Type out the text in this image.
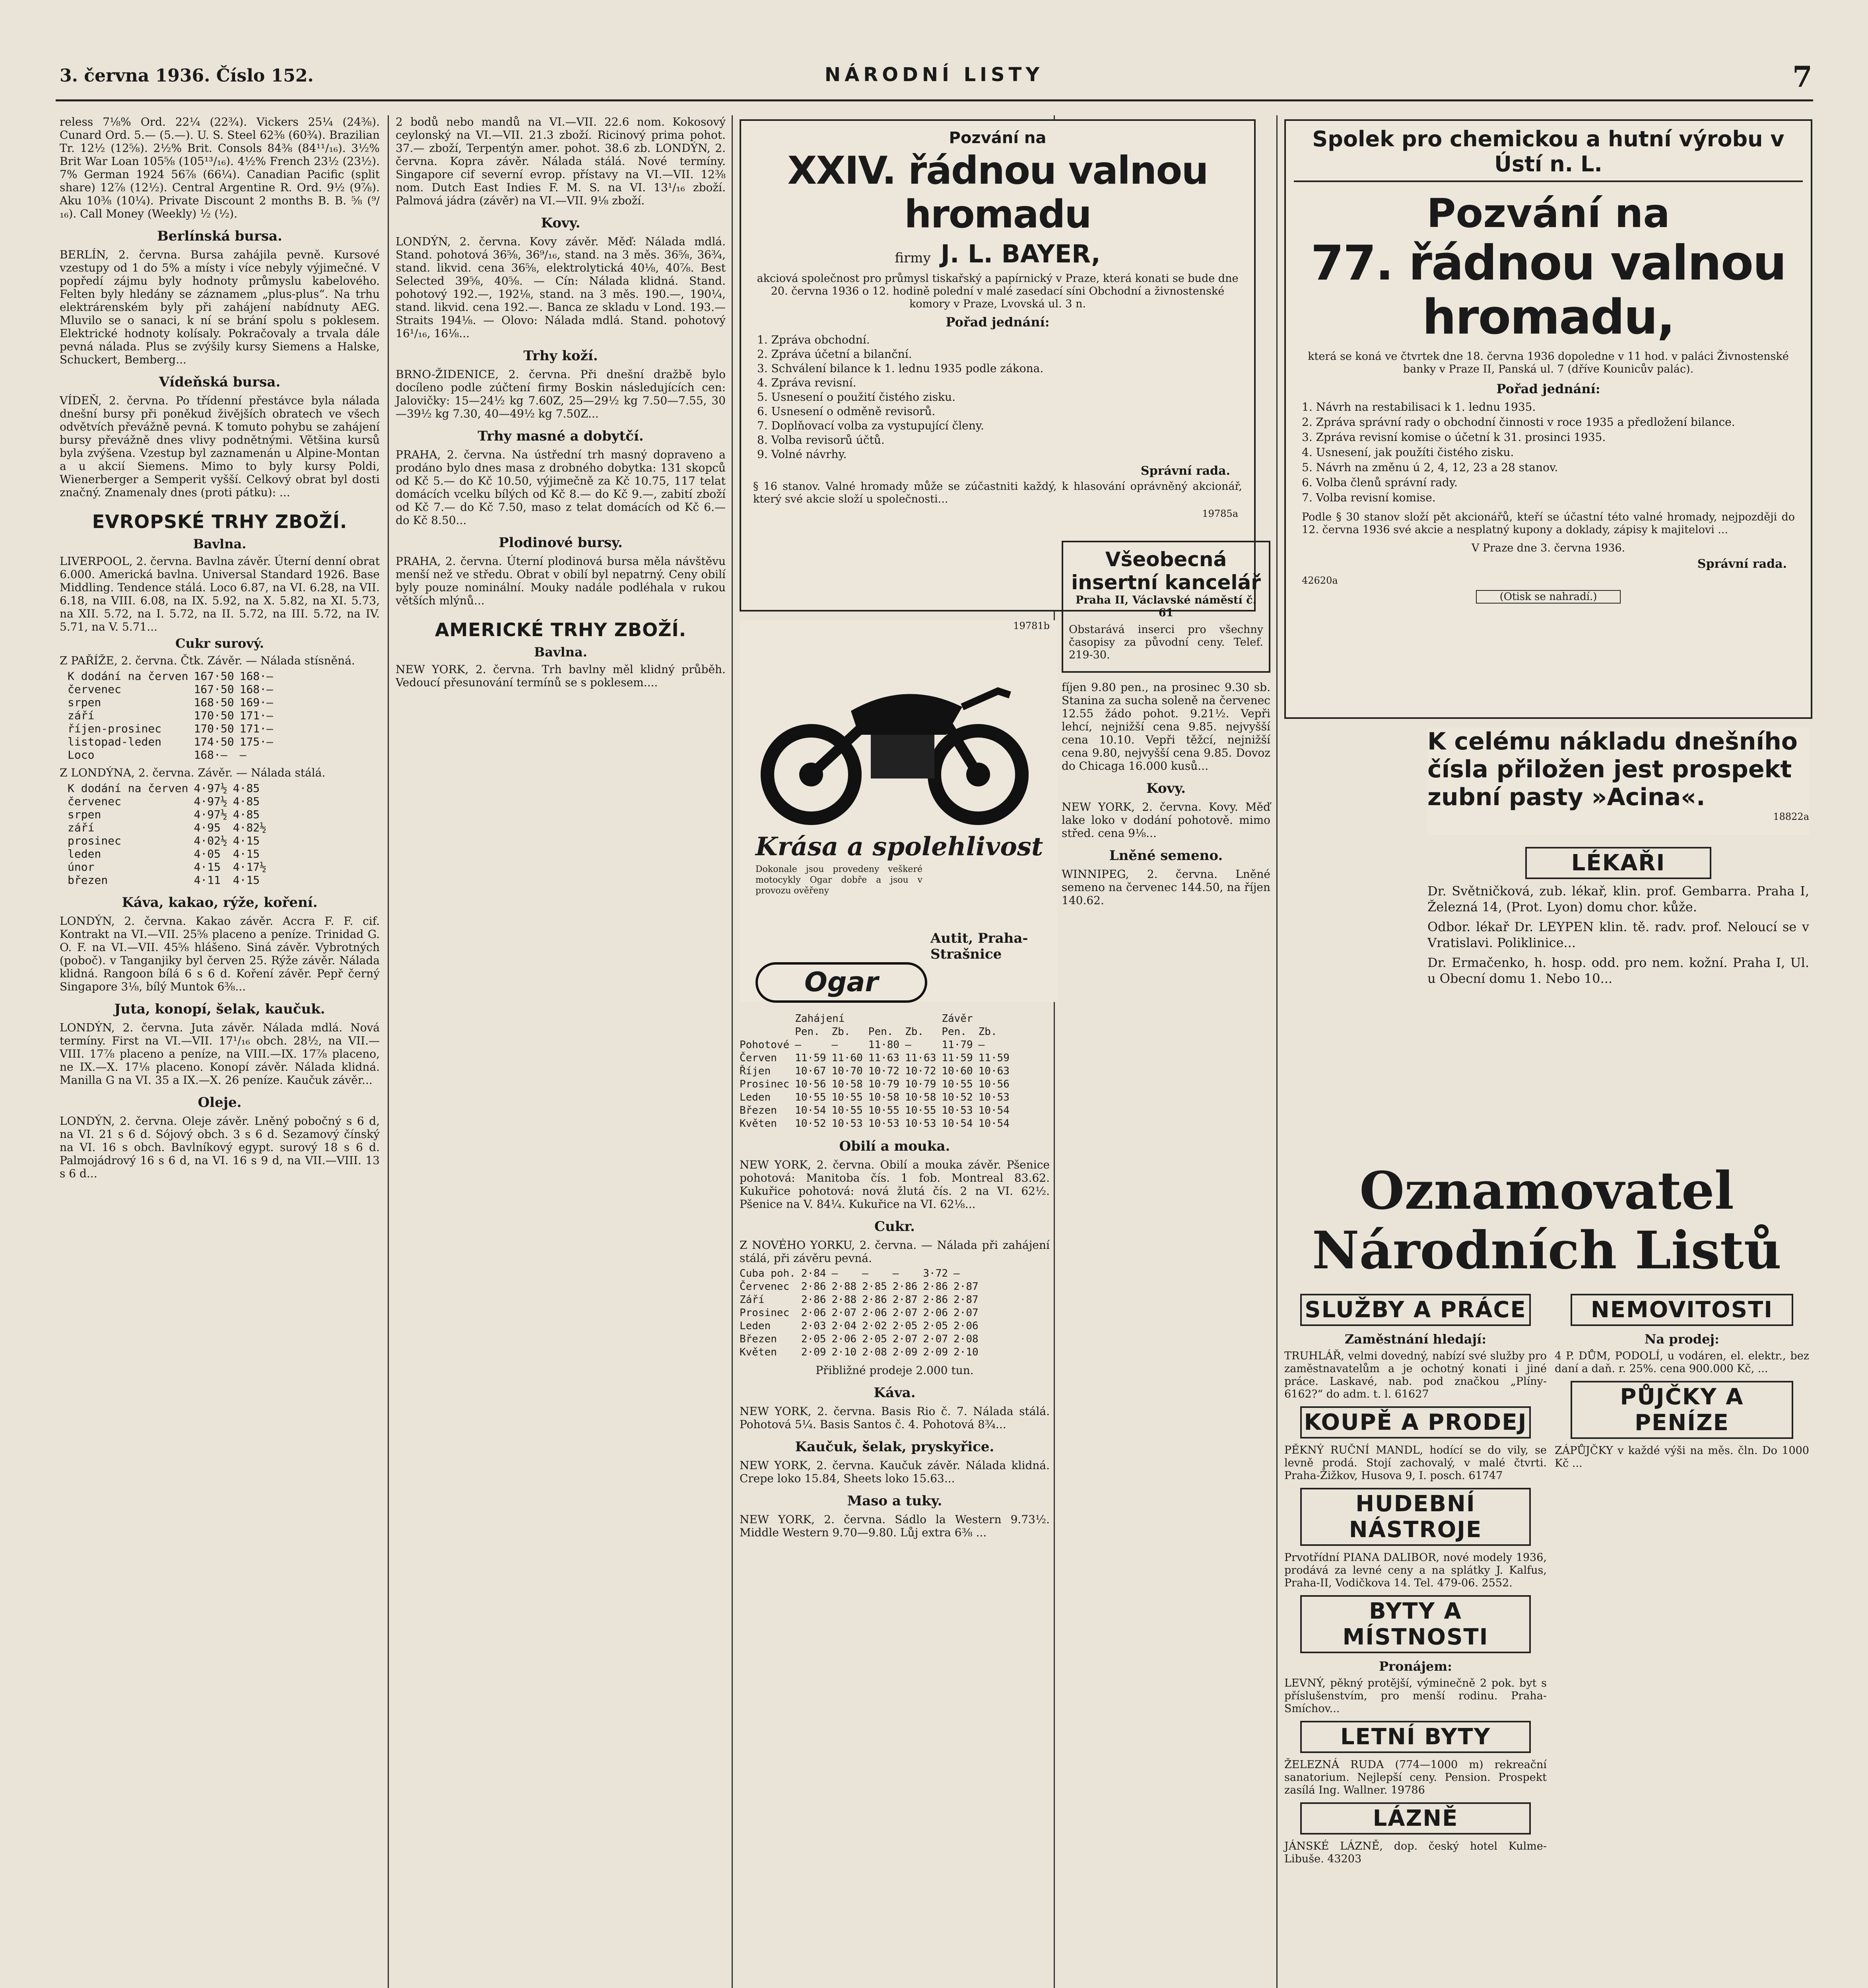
3. června 1936. Číslo 152.	NÁRODNÍ LISTY	7
reless 7⅛% Ord. 22¼ (22¾). Vickers 25¼ (24⅜). Cunard Ord. 5.— (5.—). U. S. Steel 62⅜ (60¾). Brazilian Tr. 12½ (12⅝). 2½% Brit. Consols 84⅜ (84¹¹/₁₆). 3½% Brit War Loan 105⅝ (105¹³/₁₆). 4½% French 23½ (23½). 7% German 1924 56⅞ (66¼). Canadian Pacific (split share) 12⅞ (12½). Central Argentine R. Ord. 9½ (9⅞). Aku 10⅜ (10¼). Private Discount 2 months B. B. ⅝ (⁹/₁₆). Call Money (Weekly) ½ (½).
Berlínská bursa.
BERLÍN, 2. června. Bursa zahájila pevně. Kursové vzestupy od 1 do 5% a místy i více nebyly výjimečné. V popředí zájmu byly hodnoty průmyslu kabelového. Felten byly hledány se záznamem „plus-plus“. Na trhu elektrárenském byly při zahájení nabídnuty AEG. Mluvilo se o sanaci, k ní se brání spolu s poklesem. Elektrické hodnoty kolísaly. Pokračovaly a trvala dále pevná nálada. Plus se zvýšily kursy Siemens a Halske, Schuckert, Bemberg...
Vídeňská bursa.
VÍDEŇ, 2. června. Po třídenní přestávce byla nálada dnešní bursy při poněkud živějších obratech ve všech odvětvích převážně pevná. K tomuto pohybu se zahájení bursy převážně dnes vlivy podnětnými. Většina kursů byla zvýšena. Vzestup byl zaznamenán u Alpine-Montan a u akcií Siemens. Mimo to byly kursy Poldi, Wienerberger a Semperit vyšší. Celkový obrat byl dosti značný. Znamenaly dnes (proti pátku): ...
EVROPSKÉ TRHY ZBOŽÍ.
Bavlna.
LIVERPOOL, 2. června. Bavlna závěr. Úterní denní obrat 6.000. Americká bavlna. Universal Standard 1926. Base Middling. Tendence stálá. Loco 6.87, na VI. 6.28, na VII. 6.18, na VIII. 6.08, na IX. 5.92, na X. 5.82, na XI. 5.73, na XII. 5.72, na I. 5.72, na II. 5.72, na III. 5.72, na IV. 5.71, na V. 5.71...
Cukr surový.
Z PAŘÍŽE, 2. června. Čtk. Závěr. — Nálada stísněná.
K dodání na červen	167·50	168·—
červenec	167·50	168·—
srpen	168·50	169·—
září	170·50	171·—
říjen-prosinec	170·50	171·—
listopad-leden	174·50	175·—
Loco	168·—	—
Z LONDÝNA, 2. června. Závěr. — Nálada stálá.
K dodání na červen	4·97½	4·85
červenec	4·97½	4·85
srpen	4·97½	4·85
září	4·95	4·82½
prosinec	4·02½	4·15
leden	4·05	4·15
únor	4·15	4·17½
březen	4·11	4·15
Káva, kakao, rýže, koření.
LONDÝN, 2. června. Kakao závěr. Accra F. F. cif. Kontrakt na VI.—VII. 25⅝ placeno a peníze. Trinidad G. O. F. na VI.—VII. 45⅝ hlášeno. Siná závěr. Vybrotných (poboč). v Tanganjiky byl červen 25. Rýže závěr. Nálada klidná. Rangoon bílá 6 s 6 d. Koření závěr. Pepř černý Singapore 3⅛, bílý Muntok 6⅜...
Juta, konopí, šelak, kaučuk.
LONDÝN, 2. června. Juta závěr. Nálada mdlá. Nová termíny. First na VI.—VII. 17¹/₁₆ obch. 28½, na VII.—VIII. 17⅞ placeno a peníze, na VIII.—IX. 17⅞ placeno, ne IX.—X. 17⅛ placeno. Konopí závěr. Nálada klidná. Manilla G na VI. 35 a IX.—X. 26 peníze. Kaučuk závěr...
Oleje.
LONDÝN, 2. června. Oleje závěr. Lněný pobočný s 6 d, na VI. 21 s 6 d. Sójový obch. 3 s 6 d. Sezamový čínský na VI. 16 s obch. Bavlníkový egypt. surový 18 s 6 d. Palmojádrový 16 s 6 d, na VI. 16 s 9 d, na VII.—VIII. 13 s 6 d...
2 bodů nebo mandů na VI.—VII. 22.6 nom. Kokosový ceylonský na VI.—VII. 21.3 zboží. Ricinový prima pohot. 37.— zboží, Terpentýn amer. pohot. 38.6 zb. LONDÝN, 2. června. Kopra závěr. Nálada stálá. Nové termíny. Singapore cif severní evrop. přístavy na VI.—VII. 12⅜ nom. Dutch East Indies F. M. S. na VI. 13¹/₁₆ zboží. Palmová jádra (závěr) na VI.—VII. 9⅛ zboží.
Kovy.
LONDÝN, 2. června. Kovy závěr. Měď: Nálada mdlá. Stand. pohotová 36⅝, 36⁹/₁₆, stand. na 3 měs. 36⅝, 36¾, stand. likvid. cena 36⅝, elektrolytická 40⅛, 40⅞. Best Selected 39⅝, 40⅝. — Cín: Nálada klidná. Stand. pohotový 192.—, 192⅛, stand. na 3 měs. 190.—, 190¼, stand. likvid. cena 192.—. Banca ze skladu v Lond. 193.— Straits 194⅛. — Olovo: Nálada mdlá. Stand. pohotový 16¹/₁₆, 16⅛...
Trhy koží.
BRNO-ŽIDENICE, 2. června. Při dnešní dražbě bylo docíleno podle zúčtení firmy Boskin následujících cen: Jalovičky: 15—24½ kg 7.60Z, 25—29½ kg 7.50—7.55, 30—39½ kg 7.30, 40—49½ kg 7.50Z...
Trhy masné a dobytčí.
PRAHA, 2. června. Na ústřední trh masný dopraveno a prodáno bylo dnes masa z drobného dobytka: 131 skopců od Kč 5.— do Kč 10.50, výjimečně za Kč 10.75, 117 telat domácích vcelku bílých od Kč 8.— do Kč 9.—, zabití zboží od Kč 7.— do Kč 7.50, maso z telat domácích od Kč 6.— do Kč 8.50...
Plodinové bursy.
PRAHA, 2. června. Úterní plodinová bursa měla návštěvu menší než ve středu. Obrat v obilí byl nepatrný. Ceny obilí byly pouze nominální. Mouky nadále podléhala v rukou větších mlýnů...
AMERICKÉ TRHY ZBOŽÍ.
Bavlna.
NEW YORK, 2. června. Trh bavlny měl klidný průběh. Vedoucí přesunování termínů se s poklesem....
Pozvání na
XXIV. řádnou valnou hromadu
firmy J. L. BAYER,
akciová společnost pro průmysl tiskařský a papírnický v Praze, která konati se bude dne 20. června 1936 o 12. hodině polední v malé zasedací síni Obchodní a živnostenské komory v Praze, Lvovská ul. 3 n.
Pořad jednání:
1. Zpráva obchodní.
2. Zpráva účetní a bilanční.
3. Schválení bilance k 1. lednu 1935 podle zákona.
4. Zpráva revisní.
5. Usnesení o použití čistého zisku.
6. Usnesení o odměně revisorů.
7. Doplňovací volba za vystupující členy.
8. Volba revisorů účtů.
9. Volné návrhy.
Správní rada.
§ 16 stanov. Valné hromady může se zúčastniti každý, k hlasování oprávněný akcionář, který své akcie složí u společnosti...
19785a
19781b
Krása a spolehlivost
Dokonale jsou provedeny veškeré motocykly Ogar dobře a jsou v provozu ověřeny
Autit, Praha-Strašnice
Ogar
	Zahájení				Závěr	
	Pen.	Zb.	Pen.	Zb.	Pen.	Zb.
Pohotové	—	—	11·80	—	11·79	—
Červen	11·59	11·60	11·63	11·63	11·59	11·59
Říjen	10·67	10·70	10·72	10·72	10·60	10·63
Prosinec	10·56	10·58	10·79	10·79	10·55	10·56
Leden	10·55	10·55	10·58	10·58	10·52	10·53
Březen	10·54	10·55	10·55	10·55	10·53	10·54
Květen	10·52	10·53	10·53	10·53	10·54	10·54
Obilí a mouka.
NEW YORK, 2. června. Obilí a mouka závěr. Pšenice pohotová: Manitoba čís. 1 fob. Montreal 83.62. Kukuřice pohotová: nová žlutá čís. 2 na VI. 62½. Pšenice na V. 84¼. Kukuřice na VI. 62⅛...
Cukr.
Z NOVÉHO YORKU, 2. června. — Nálada při zahájení stálá, při závěru pevná.
Cuba poh.	2·84	—	—	—	3·72	—
Červenec	2·86	2·88	2·85	2·86	2·86	2·87
Září	2·86	2·88	2·86	2·87	2·86	2·87
Prosinec	2·06	2·07	2·06	2·07	2·06	2·07
Leden	2·03	2·04	2·02	2·05	2·05	2·06
Březen	2·05	2·06	2·05	2·07	2·07	2·08
Květen	2·09	2·10	2·08	2·09	2·09	2·10
Přibližné prodeje 2.000 tun.
Káva.
NEW YORK, 2. června. Basis Rio č. 7. Nálada stálá. Pohotová 5¼. Basis Santos č. 4. Pohotová 8¾...
Kaučuk, šelak, pryskyřice.
NEW YORK, 2. června. Kaučuk závěr. Nálada klidná. Crepe loko 15.84, Sheets loko 15.63...
Maso a tuky.
NEW YORK, 2. června. Sádlo la Western 9.73½. Middle Western 9.70—9.80. Lůj extra 6⅜ ...
Všeobecná insertní kancelář
Praha II, Václavské náměstí č. 61
Obstarává inserci pro všechny časopisy za původní ceny. Telef. 219-30.
fíjen 9.80 pen., na prosinec 9.30 sb. Stanina za sucha soleně na červenec 12.55 žádo pohot. 9.21½. Vepři lehcí, nejnižší cena 9.85. nejvyšší cena 10.10. Vepři těžcí, nejnižší cena 9.80, nejvyšší cena 9.85. Dovoz do Chicaga 16.000 kusů...
Kovy.
NEW YORK, 2. června. Kovy. Měď lake loko v dodání pohotově. mimo střed. cena 9⅛...
Lněné semeno.
WINNIPEG, 2. června. Lněné semeno na červenec 144.50, na říjen 140.62.
Spolek pro chemickou a hutní výrobu v Ústí n. L.
Pozvání na
77. řádnou valnou hromadu,
která se koná ve čtvrtek dne 18. června 1936 dopoledne v 11 hod. v paláci Živnostenské banky v Praze II, Panská ul. 7 (dříve Kounicův palác).
Pořad jednání:
1. Návrh na restabilisaci k 1. lednu 1935.
2. Zpráva správní rady o obchodní činnosti v roce 1935 a předložení bilance.
3. Zpráva revisní komise o účetní k 31. prosinci 1935.
4. Usnesení, jak použíti čistého zisku.
5. Návrh na změnu ú 2, 4, 12, 23 a 28 stanov.
6. Volba členů správní rady.
7. Volba revisní komise.
Podle § 30 stanov složí pět akcionářů, kteří se účastní této valné hromady, nejpozději do 12. června 1936 své akcie a nesplatný kupony a doklady, zápisy k majitelovi ...
V Praze dne 3. června 1936.
Správní rada.
42620a
(Otisk se nahradí.)
K celému nákladu dnešního čísla přiložen jest prospekt zubní pasty »Acina«.
18822a
LÉKAŘI
Dr. Světničková, zub. lékař, klin. prof. Gembarra. Praha I, Železná 14, (Prot. Lyon) domu chor. kůže.
Odbor. lékař Dr. LEYPEN klin. tě. radv. prof. Neloucí se v Vratislavi. Poliklinice...
Dr. Ermačenko, h. hosp. odd. pro nem. kožní. Praha I, Ul. u Obecní domu 1. Nebo 10...
Oznamovatel
Národních Listů
SLUŽBY A PRÁCE
Zaměstnání hledají:
TRUHLÁŘ, velmi dovedný, nabízí své služby pro zaměstnavatelům a je ochotný konati i jiné práce. Laskavé, nab. pod značkou „Plíny-6162?“ do adm. t. l. 61627
KOUPĚ A PRODEJ
PĚKNÝ RUČNÍ MANDL, hodící se do vily, se levně prodá. Stojí zachovalý, v malé čtvrti. Praha-Žižkov, Husova 9, I. posch. 61747
HUDEBNÍ NÁSTROJE
Prvotřídní PIANA DALIBOR, nové modely 1936, prodává za levné ceny a na splátky J. Kalfus, Praha-II, Vodičkova 14. Tel. 479-06. 2552.
BYTY A MÍSTNOSTI
Pronájem:
LEVNÝ, pěkný protější, výminečně 2 pok. byt s příslušenstvím, pro menší rodinu. Praha-Smíchov...
LETNÍ BYTY
ŽELEZNÁ RUDA (774—1000 m) rekreační sanatorium. Nejlepší ceny. Pension. Prospekt zasílá Ing. Wallner. 19786
LÁZNĚ
JÁNSKÉ LÁZNĚ, dop. český hotel Kulme-Libuše. 43203
NEMOVITOSTI
Na prodej:
4 P. DŮM, PODOLÍ, u vodáren, el. elektr., bez daní a daň. r. 25%. cena 900.000 Kč, ...
PŮJČKY A PENÍZE
ZÁPŮJČKY v každé výši na měs. čln. Do 1000 Kč ...
